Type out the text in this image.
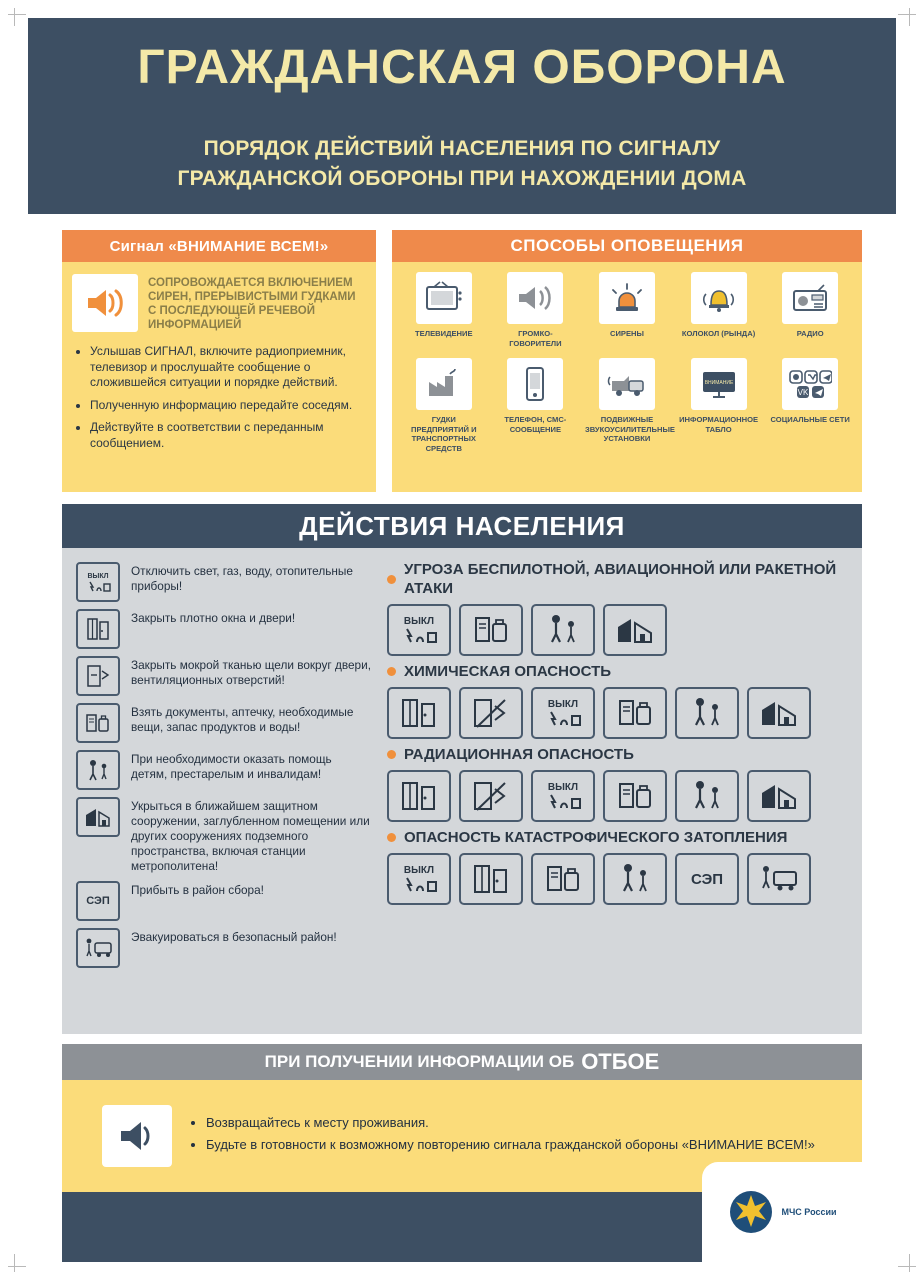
ГРАЖДАНСКАЯ ОБОРОНА
ПОРЯДОК ДЕЙСТВИЙ НАСЕЛЕНИЯ ПО СИГНАЛУ
ГРАЖДАНСКОЙ ОБОРОНЫ ПРИ НАХОЖДЕНИИ ДОМА
Сигнал
«ВНИМАНИЕ ВСЕМ!»
СОПРОВОЖДАЕТСЯ ВКЛЮЧЕНИЕМ СИРЕН, ПРЕРЫВИСТЫМИ ГУДКАМИ С ПОСЛЕДУЮЩЕЙ РЕЧЕВОЙ ИНФОРМАЦИЕЙ
• Услышав СИГНАЛ, включите радиоприемник, телевизор и прослушайте сообщение о сложившейся ситуации и порядке действий.
• Полученную информацию передайте соседям.
• Действуйте в соответствии с переданным сообщением.
СПОСОБЫ ОПОВЕЩЕНИЯ
ТЕЛЕВИДЕНИЕ	ГРОМКО-ГОВОРИТЕЛИ
СИРЕНЫ	КОЛОКОЛ (РЫНДА)	РАДИО
ГУДКИ ПРЕДПРИЯТИЙ И ТРАНСПОРТНЫХ СРЕДСТВ
ТЕЛЕФОН, СМС-СООБЩЕНИЕ
ПОДВИЖНЫЕ ЗВУКОУСИЛИТЕЛЬНЫЕ УСТАНОВКИ
ВНИМАНИЕ
ИНФОРМАЦИОННОЕ ТАБЛО
VK
СОЦИАЛЬНЫЕ СЕТИ
ДЕЙСТВИЯ НАСЕЛЕНИЯ
ВЫКЛ Отключить свет, газ, воду, отопительные приборы!
Закрыть плотно окна и двери!
Закрыть мокрой тканью щели вокруг двери, вентиляционных отверстий!
Взять документы, аптечку, необходимые вещи, запас продуктов и воды!
При необходимости оказать помощь детям, престарелым и инвалидам!
Укрыться в ближайшем защитном сооружении, заглубленном помещении или других сооружениях подземного пространства, включая станции метрополитена!
СЭП
Прибыть в район сбора!
Эвакуироваться в безопасный район!
УГРОЗА БЕСПИЛОТНОЙ, АВИАЦИОННОЙ ИЛИ РАКЕТНОЙ АТАКИ
ВЫКЛ
ХИМИЧЕСКАЯ ОПАСНОСТЬ
ВЫКЛ
РАДИАЦИОННАЯ ОПАСНОСТЬ
ВЫКЛ
ОПАСНОСТЬ КАТАСТРОФИЧЕСКОГО ЗАТОПЛЕНИЯ
ВЫКЛ	СЭП
ПРИ ПОЛУЧЕНИИ ИНФОРМАЦИИ ОБ ОТБОЕ
• Возвращайтесь к месту проживания.
• Будьте в готовности к возможному повторению сигнала гражданской обороны «ВНИМАНИЕ ВСЕМ!»
МЧС России
